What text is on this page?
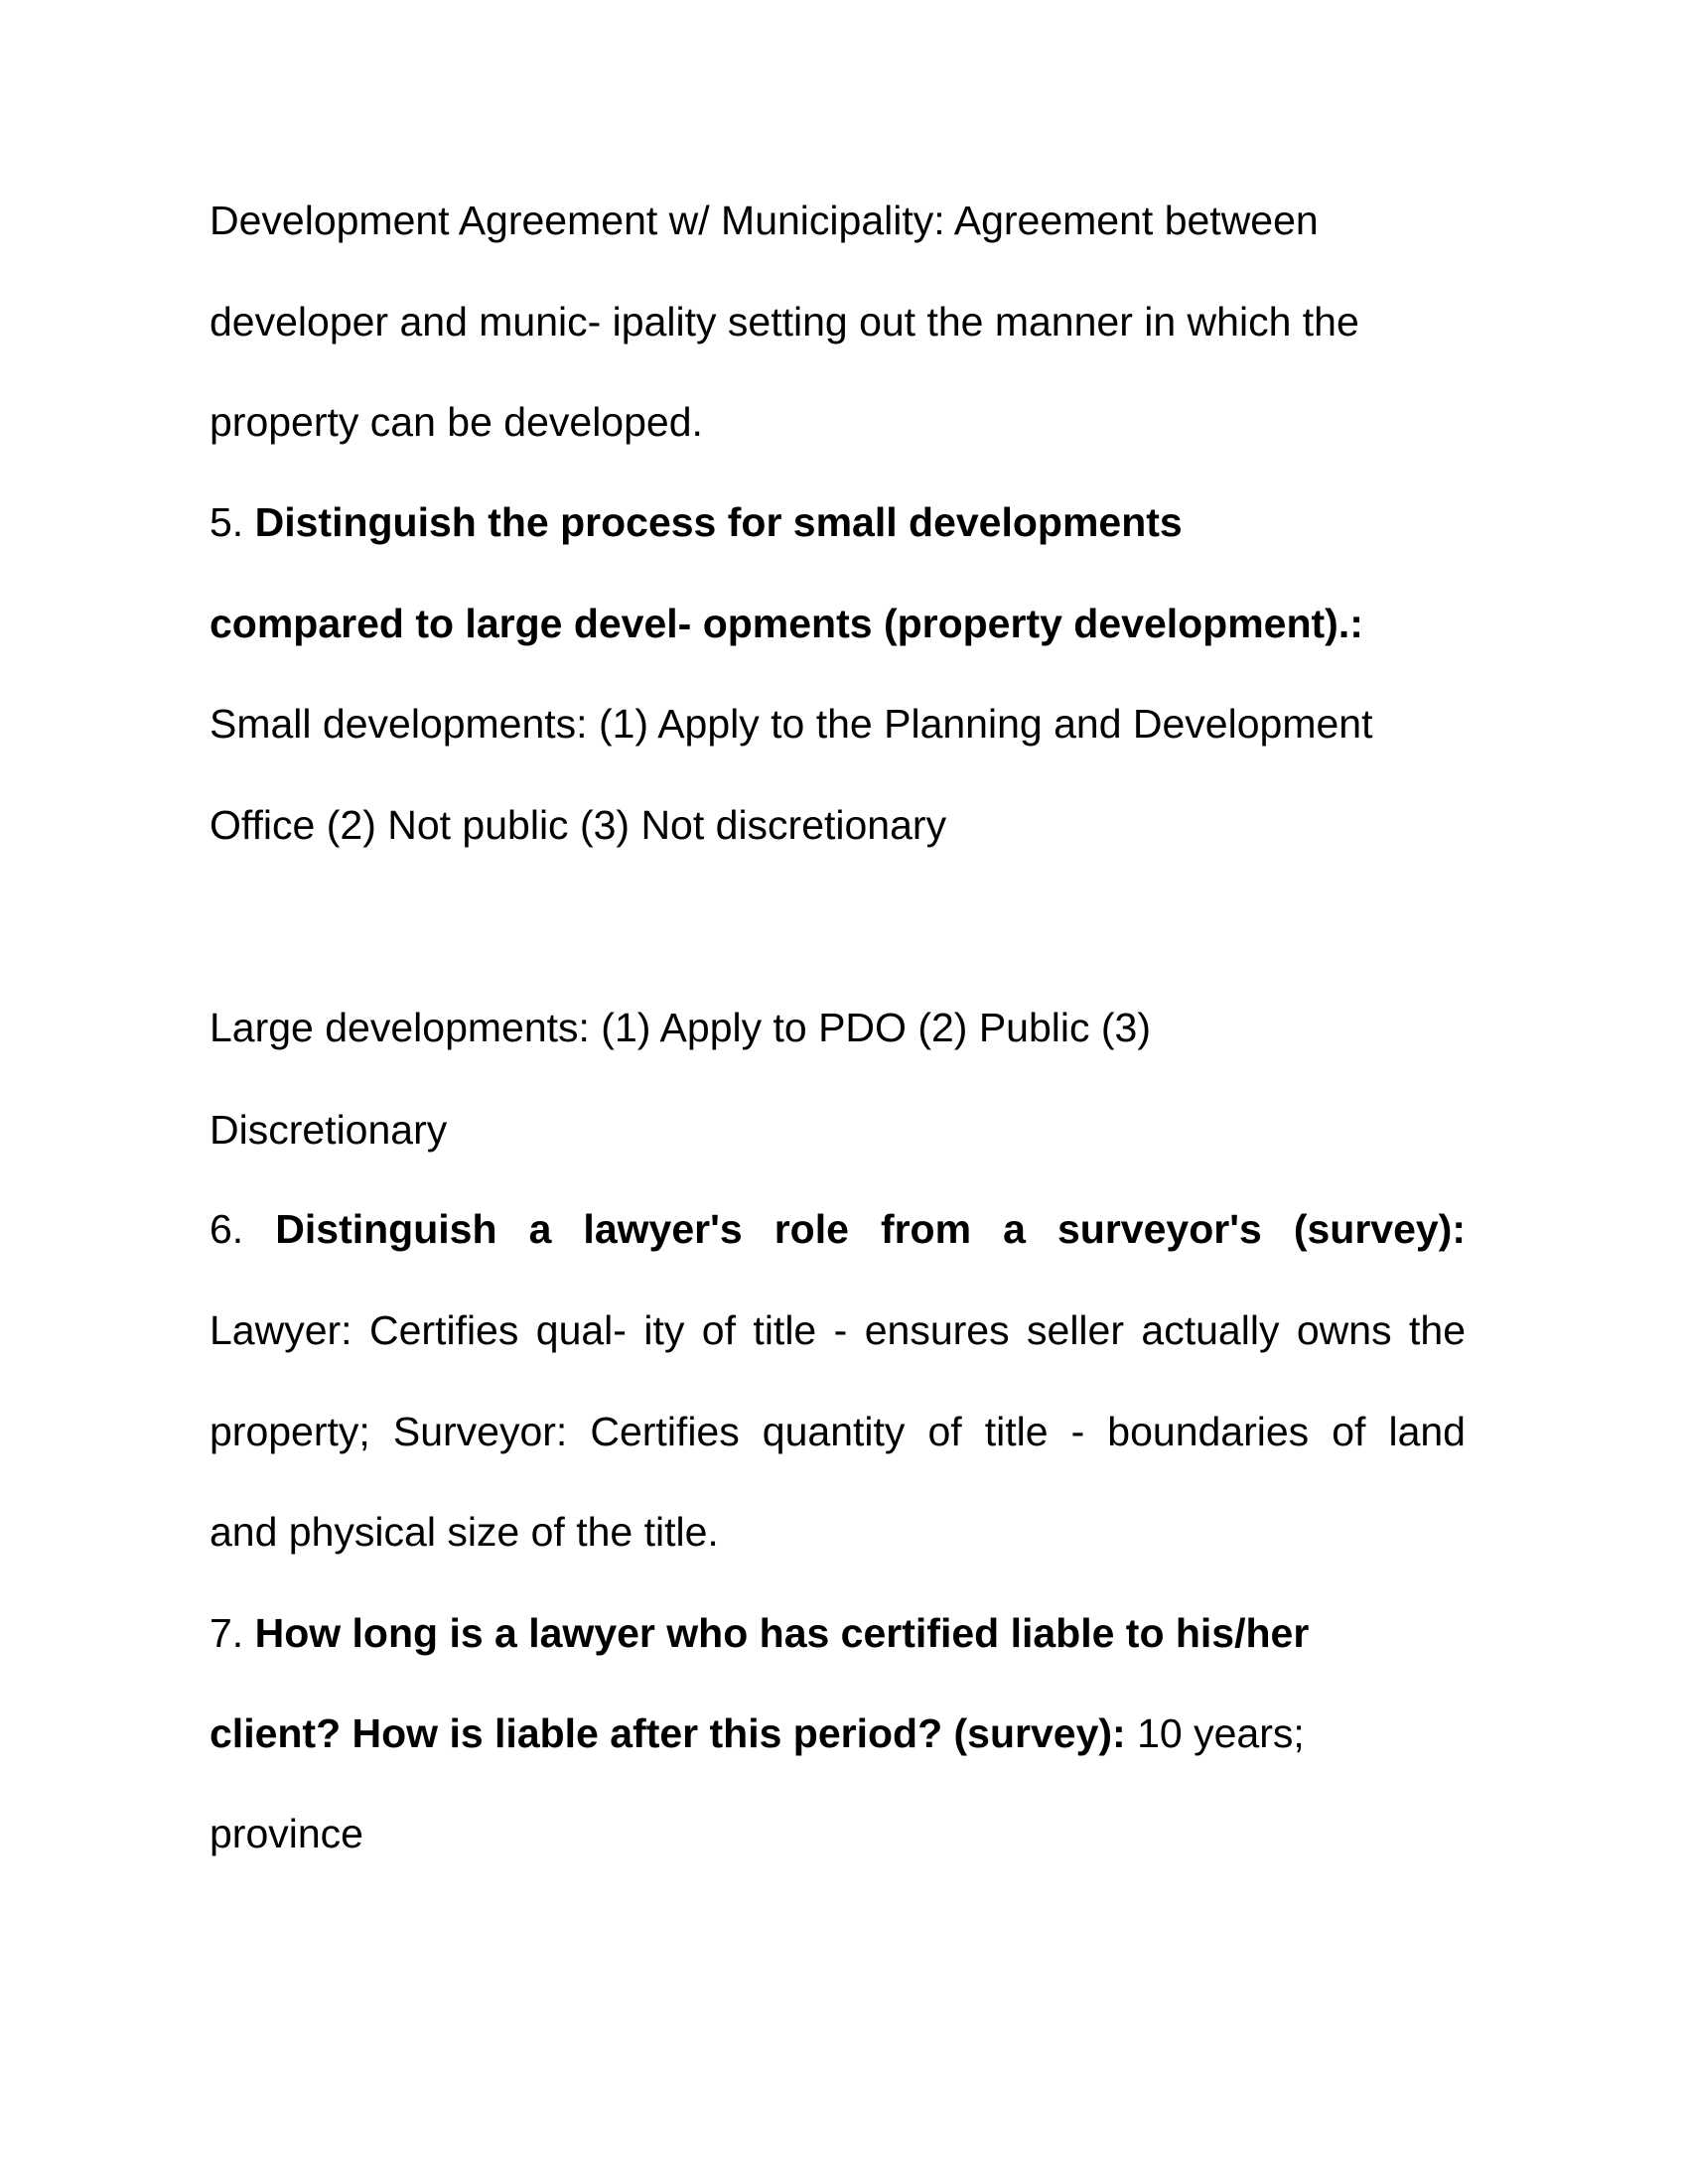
Development Agreement w/ Municipality: Agreement between
developer and munic- ipality setting out the manner in which the
property can be developed.
5. Distinguish the process for small developments
compared to large devel- opments (property development).:
Small developments: (1) Apply to the Planning and Development
Office (2) Not public (3) Not discretionary
Large developments: (1) Apply to PDO (2) Public (3)
Discretionary
6. Distinguish a lawyer's role from a surveyor's (survey):
Lawyer: Certifies qual- ity of title - ensures seller actually owns the
property; Surveyor: Certifies quantity of title - boundaries of land
and physical size of the title.
7. How long is a lawyer who has certified liable to his/her
client? How is liable after this period? (survey): 10 years;
province
